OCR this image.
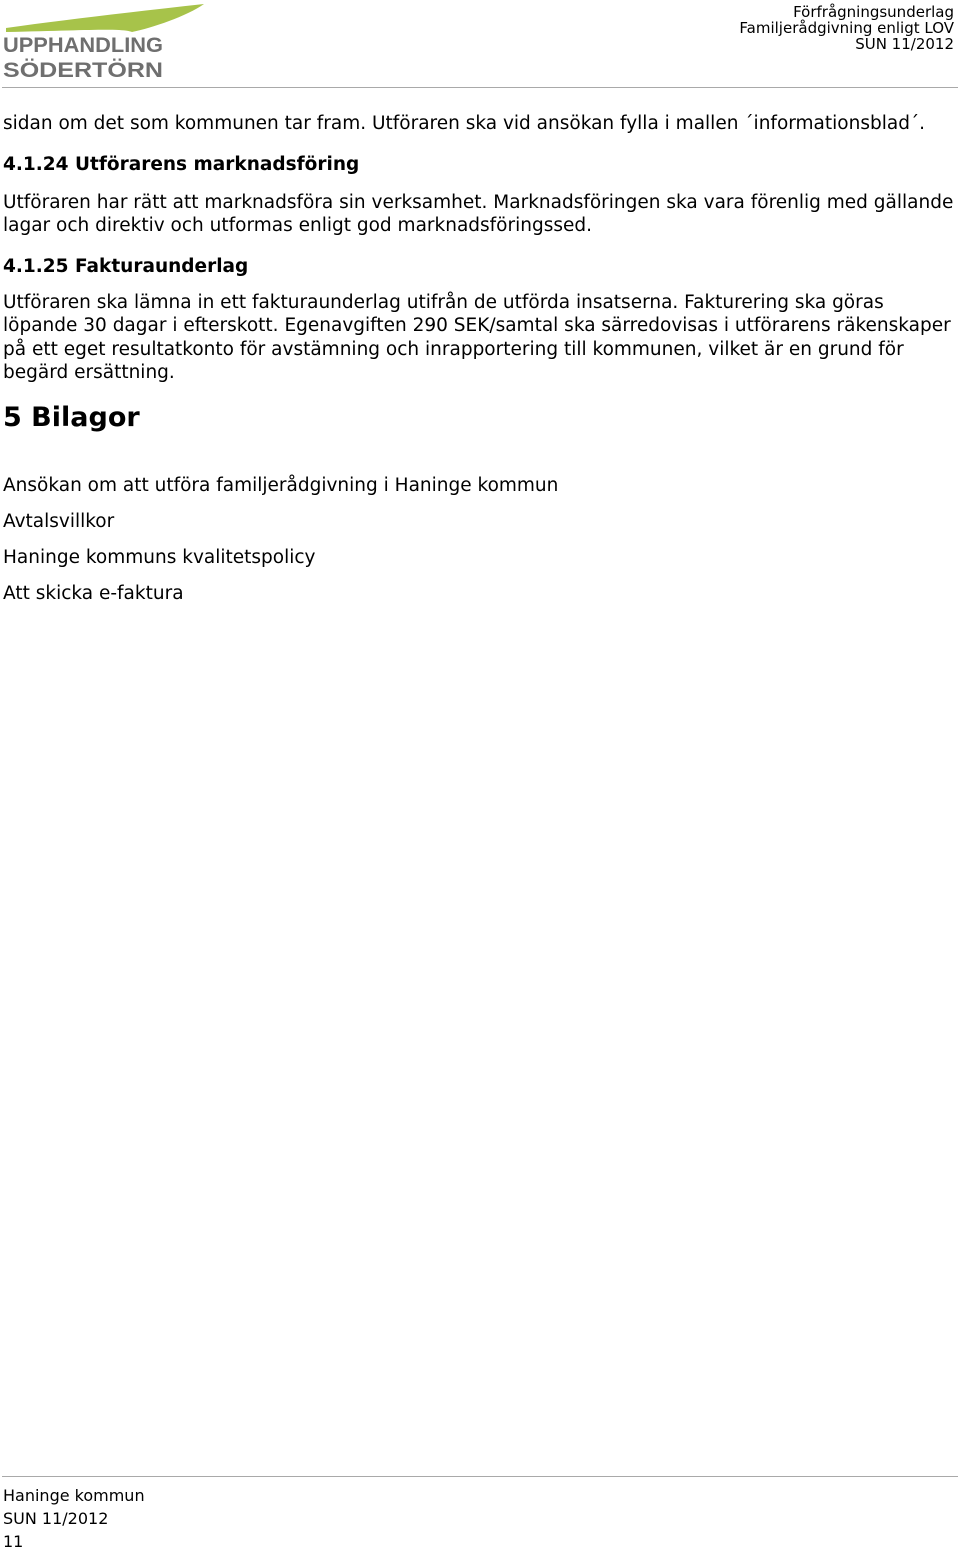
UPPHANDLING
SÖDERTÖRN
Förfrågningsunderlag
Familjerådgivning enligt LOV
SUN 11/2012

sidan om det som kommunen tar fram. Utföraren ska vid ansökan fylla i mallen ´informationsblad´.

4.1.24 Utförarens marknadsföring

Utföraren har rätt att marknadsföra sin verksamhet. Marknadsföringen ska vara förenlig med gällande lagar och direktiv och utformas enligt god marknadsföringssed.

4.1.25 Fakturaunderlag

Utföraren ska lämna in ett fakturaunderlag utifrån de utförda insatserna. Fakturering ska göras löpande 30 dagar i efterskott. Egenavgiften 290 SEK/samtal ska särredovisas i utförarens räkenskaper på ett eget resultatkonto för avstämning och inrapportering till kommunen, vilket är en grund för begärd ersättning.

5 Bilagor

Ansökan om att utföra familjerådgivning i Haninge kommun

Avtalsvillkor

Haninge kommuns kvalitetspolicy

Att skicka e-faktura

Haninge kommun
SUN 11/2012
11
